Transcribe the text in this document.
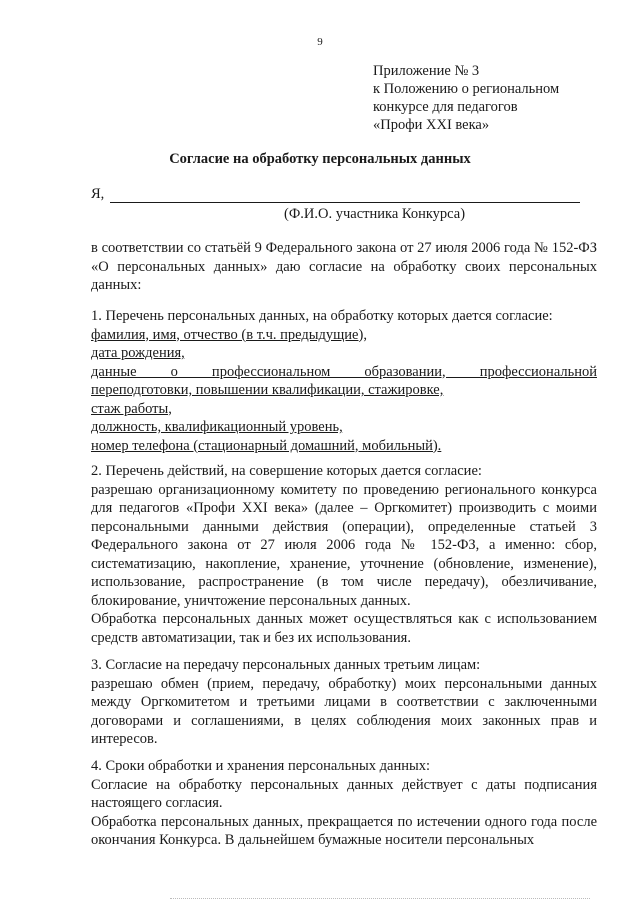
9
Приложение № 3
к Положению о региональном
конкурсе для педагогов
«Профи XXI века»
Согласие на обработку персональных данных
Я,
(Ф.И.О. участника Конкурса)
в соответствии со статьёй 9 Федерального закона от 27 июля 2006 года № 152-ФЗ «О персональных данных» даю согласие на обработку своих персональных данных:
1. Перечень персональных данных, на обработку которых дается согласие:
фамилия, имя, отчество (в т.ч. предыдущие),
дата рождения,
данные о профессиональном образовании, профессиональной
переподготовки, повышении квалификации, стажировке,
стаж работы,
должность, квалификационный уровень,
номер телефона (стационарный домашний, мобильный).
2. Перечень действий, на совершение которых дается согласие:
разрешаю организационному комитету по проведению регионального конкурса для педагогов «Профи XXI века» (далее – Оргкомитет) производить с моими персональными данными действия (операции), определенные статьей 3 Федерального закона от 27 июля 2006 года № 152-ФЗ, а именно: сбор, систематизацию, накопление, хранение, уточнение (обновление, изменение), использование, распространение (в том числе передачу), обезличивание, блокирование, уничтожение персональных данных.
Обработка персональных данных может осуществляться как с использованием средств автоматизации, так и без их использования.
3. Согласие на передачу персональных данных третьим лицам:
разрешаю обмен (прием, передачу, обработку) моих персональными данных между Оргкомитетом и третьими лицами в соответствии с заключенными договорами и соглашениями, в целях соблюдения моих законных прав и интересов.
4. Сроки обработки и хранения персональных данных:
Согласие на обработку персональных данных действует с даты подписания настоящего согласия.
Обработка персональных данных, прекращается по истечении одного года после окончания Конкурса. В дальнейшем бумажные носители персональных
